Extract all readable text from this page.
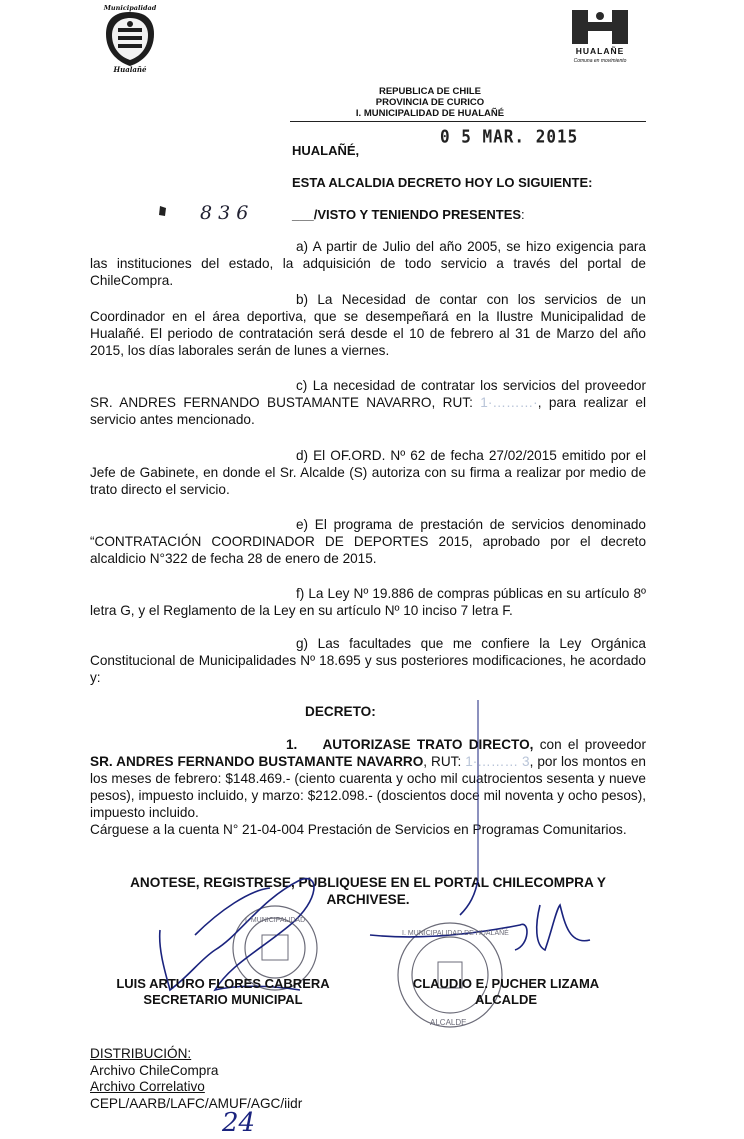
Municipalidad
Hualañé
HUALAÑE
Comuna en movimiento
REPUBLICA DE CHILE
PROVINCIA DE CURICO
I. MUNICIPALIDAD DE HUALAÑÉ
0 5 MAR. 2015
HUALAÑÉ,
ESTA ALCALDIA DECRETO HOY LO SIGUIENTE:
8 3 6	___/VISTO Y TENIENDO PRESENTES:

a) A partir de Julio del año 2005, se hizo exigencia para las instituciones del estado, la adquisición de todo servicio a través del portal de ChileCompra.

b) La Necesidad de contar con los servicios de un Coordinador en el área deportiva, que se desempeñará en la Ilustre Municipalidad de Hualañé. El periodo de contratación será desde el 10 de febrero al 31 de Marzo del año 2015, los días laborales serán de lunes a viernes.

c) La necesidad de contratar los servicios del proveedor SR. ANDRES FERNANDO BUSTAMANTE NAVARRO, RUT: 1·………·, para realizar el servicio antes mencionado.

d) El OF.ORD. Nº 62 de fecha 27/02/2015 emitido por el Jefe de Gabinete, en donde el Sr. Alcalde (S) autoriza con su firma a realizar por medio de trato directo el servicio.

e) El programa de prestación de servicios denominado “CONTRATACIÓN COORDINADOR DE DEPORTES 2015, aprobado por el decreto alcaldicio N°322 de fecha 28 de enero de 2015.

f) La Ley Nº 19.886 de compras públicas en su artículo 8º letra G, y el Reglamento de la Ley en su artículo Nº 10 inciso 7 letra F.

g) Las facultades que me confiere la Ley Orgánica Constitucional de Municipalidades Nº 18.695 y sus posteriores modificaciones, he acordado y:

DECRETO:

1. AUTORIZASE TRATO DIRECTO, con el proveedor SR. ANDRES FERNANDO BUSTAMANTE NAVARRO, RUT: 1·……… 3, por los montos en los meses de febrero: $148.469.- (ciento cuarenta y ocho mil cuatrocientos sesenta y nueve pesos), impuesto incluido, y marzo: $212.098.- (doscientos doce mil noventa y ocho pesos), impuesto incluido.

Cárguese a la cuenta N° 21-04-004 Prestación de Servicios en Programas Comunitarios.

ANOTESE, REGISTRESE, PUBLIQUESE EN EL PORTAL CHILECOMPRA Y
ARCHIVESE.
I. MUNICIPALIDAD
I. MUNICIPALIDAD DE HUALAÑÉ
ALCALDE
LUIS ARTURO FLORES CABRERA
SECRETARIO MUNICIPAL
CLAUDIO E. PUCHER LIZAMA
ALCALDE
DISTRIBUCIÓN:
Archivo ChileCompra
Archivo Correlativo
CEPL/AARB/LAFC/AMUF/AGC/iidr
24
